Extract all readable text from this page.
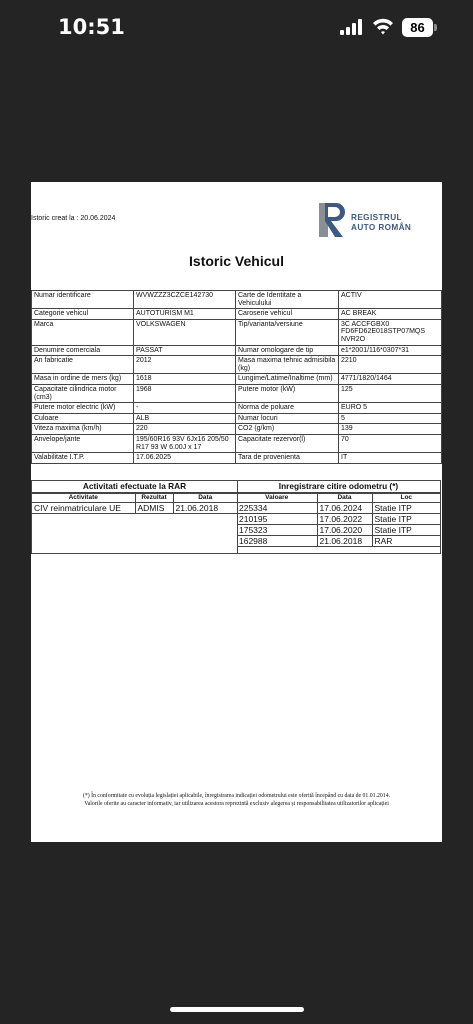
10:51	86
Istoric creat la : 20.06.2024	REGISTRUL
AUTO ROMÂN
Istoric Vehicul
Numar identificare	WVWZZZ3CZCE142730	Carte de Identitate a Vehiculului	ACTIV
Categorie vehicul	AUTOTURISM M1	Caroserie vehicul	AC BREAK
Marca	VOLKSWAGEN	Tip/varianta/versiune	3C ACCFGBX0 FD6FD62E018STP07MQS NVR2O
Denumire comerciala	PASSAT	Numar omologare de tip	e1*2001/116*0307*31
An fabricatie	2012	Masa maxima tehnic admisibila (kg)	2210
Masa in ordine de mers (kg)	1618	Lungime/Latime/Inaltime (mm)	4771/1820/1464
Capacitate cilindrica motor (cm3)	1968	Putere motor (kW)	125
Putere motor electric (kW)	-	Norma de poluare	EURO 5
Culoare	ALB	Numar locuri	5
Viteza maxima (km/h)	220	CO2 (g/km)	139
Anvelope/jante	195/60R16 93V 6Jx16 205/50 R17 93 W 6.00J x 17	Capacitate rezervor(l)	70
Valabilitate I.T.P.	17.06.2025	Tara de provenienta	IT
Activitati efectuate la RAR
Activitate	Rezultat	Data
CIV reinmatriculare UE	ADMIS	21.06.2018
Inregistrare citire odometru (*)
Valoare	Data	Loc
225334	17.06.2024	Statie ITP
210195	17.06.2022	Statie ITP
175323	17.06.2020	Statie ITP
162988	21.06.2018	RAR
(*) În conformitate cu evoluția legislației aplicabile, înregistrarea indicației odometrului este oferită începând cu data de 01.01.2014.
Valorile oferite au caracter informativ, iar utilizarea acestora reprezintă exclusiv alegerea și responsabilitatea utilizatorilor aplicației
